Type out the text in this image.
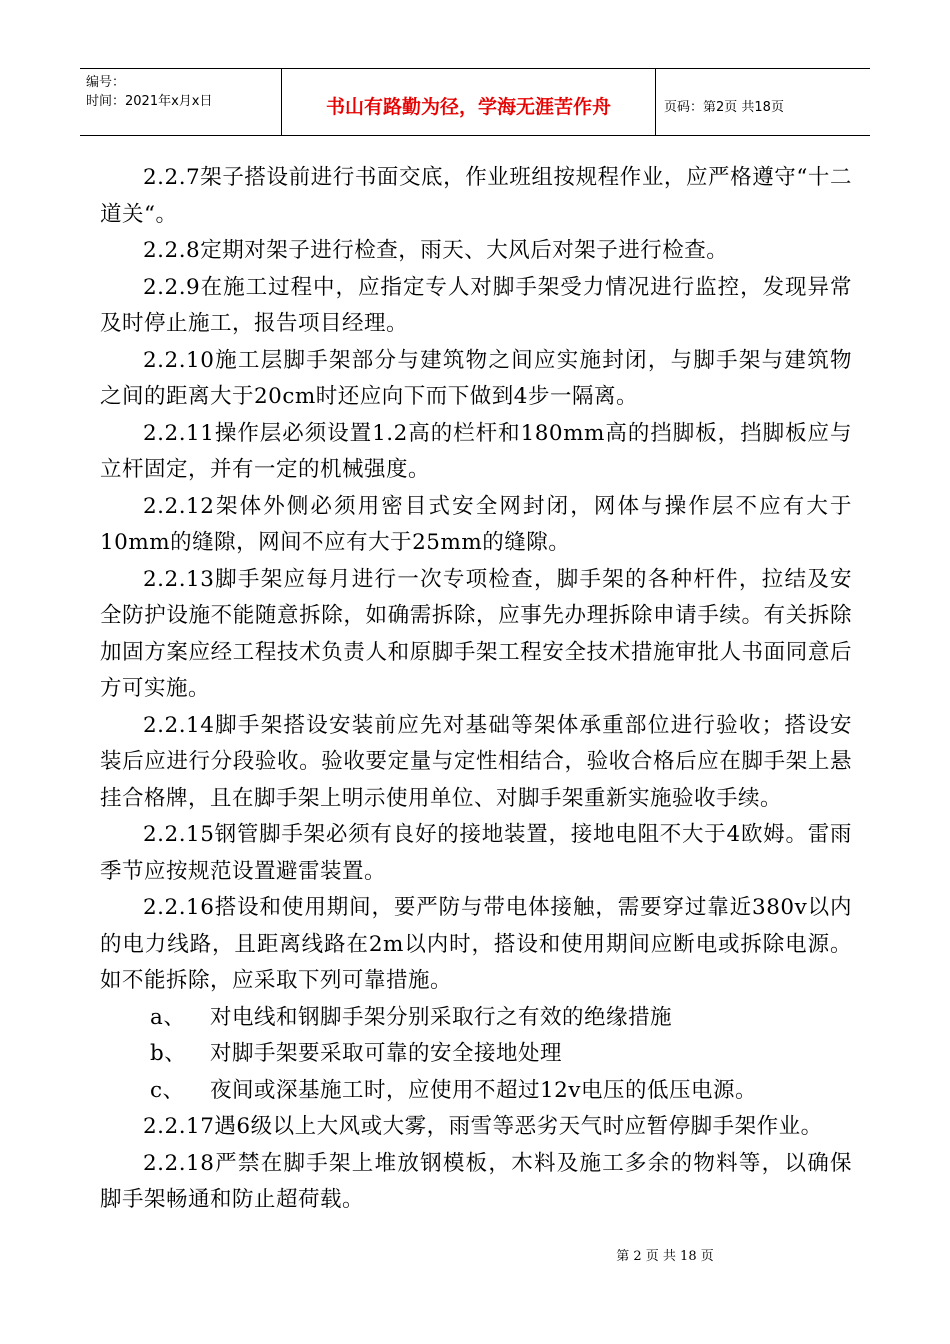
编号：
时间：2021年x月x日	书山有路勤为径，学海无涯苦作舟	页码：第2页 共18页

2.2.7架子搭设前进行书面交底，作业班组按规程作业，应严格遵守“十二道关“。

2.2.8定期对架子进行检查，雨天、大风后对架子进行检查。

2.2.9在施工过程中，应指定专人对脚手架受力情况进行监控，发现异常及时停止施工，报告项目经理。

2.2.10施工层脚手架部分与建筑物之间应实施封闭，与脚手架与建筑物之间的距离大于20cm时还应向下而下做到4步一隔离。

2.2.11操作层必须设置1.2高的栏杆和180mm高的挡脚板，挡脚板应与立杆固定，并有一定的机械强度。

2.2.12架体外侧必须用密目式安全网封闭，网体与操作层不应有大于10mm的缝隙，网间不应有大于25mm的缝隙。

2.2.13脚手架应每月进行一次专项检查，脚手架的各种杆件，拉结及安全防护设施不能随意拆除，如确需拆除，应事先办理拆除申请手续。有关拆除加固方案应经工程技术负责人和原脚手架工程安全技术措施审批人书面同意后方可实施。

2.2.14脚手架搭设安装前应先对基础等架体承重部位进行验收；搭设安装后应进行分段验收。验收要定量与定性相结合，验收合格后应在脚手架上悬挂合格牌，且在脚手架上明示使用单位、对脚手架重新实施验收手续。

2.2.15钢管脚手架必须有良好的接地装置，接地电阻不大于4欧姆。雷雨季节应按规范设置避雷装置。

2.2.16搭设和使用期间，要严防与带电体接触，需要穿过靠近380v以内的电力线路，且距离线路在2m以内时，搭设和使用期间应断电或拆除电源。如不能拆除，应采取下列可靠措施。

a、	对电线和钢脚手架分别采取行之有效的绝缘措施
b、	对脚手架要采取可靠的安全接地处理
c、	夜间或深基施工时，应使用不超过12v电压的低压电源。

2.2.17遇6级以上大风或大雾，雨雪等恶劣天气时应暂停脚手架作业。

2.2.18严禁在脚手架上堆放钢模板，木料及施工多余的物料等，以确保脚手架畅通和防止超荷载。

第 2 页 共 18 页
